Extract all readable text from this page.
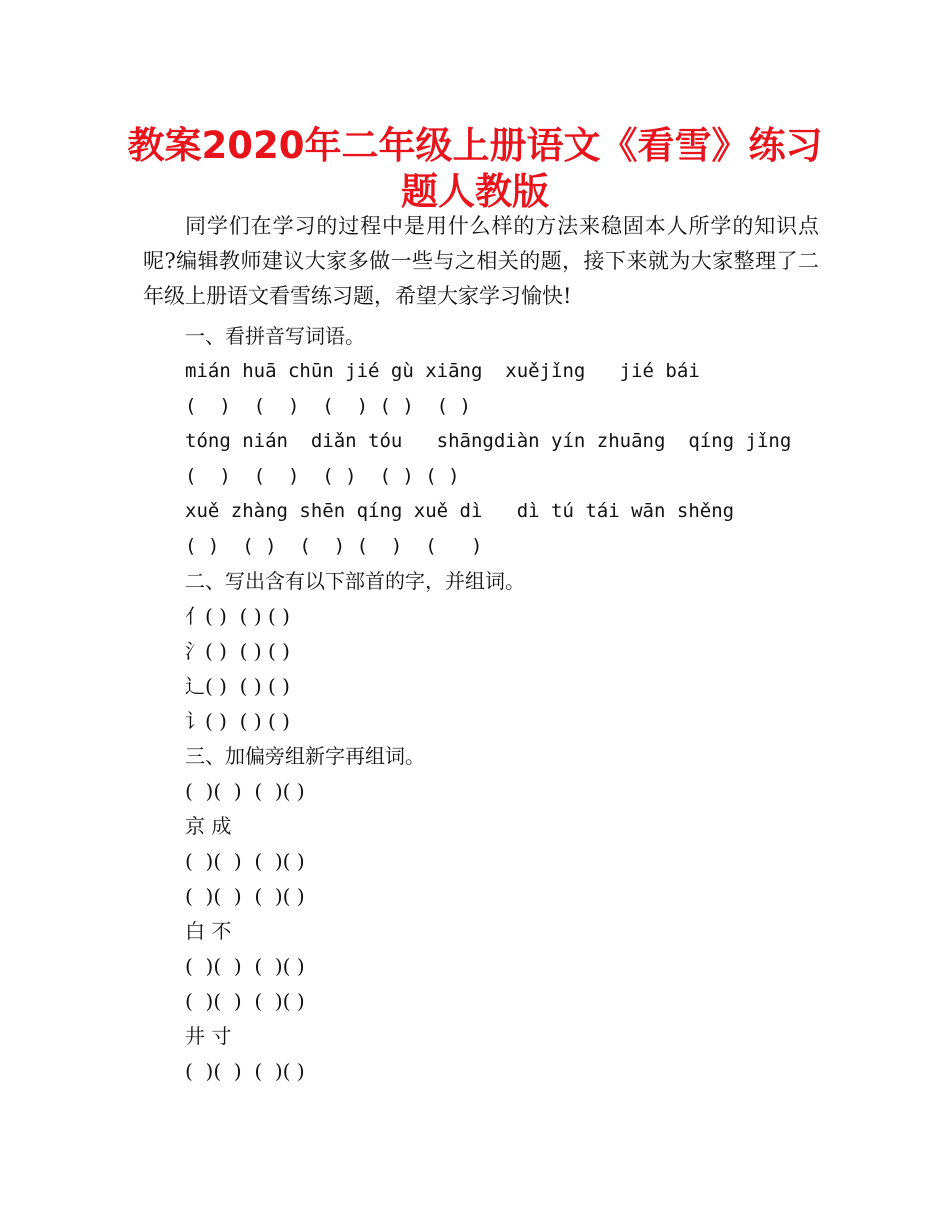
教案2020年二年级上册语文《看雪》练习
题人教版

同学们在学习的过程中是用什么样的方法来稳固本人所学的知识点呢?编辑教师建议大家多做一些与之相关的题，接下来就为大家整理了二年级上册语文看雪练习题，希望大家学习愉快!

一、看拼音写词语。

mián huā chūn jié gù xiāng  xuějǐng   jié bái

(  )  (  )  (  ) ( )  ( )

tóng nián  diǎn tóu   shāngdiàn yín zhuāng  qíng jǐng

(  )  (  )  ( )  ( ) ( )

xuě zhàng shēn qíng xuě dì   dì tú tái wān shěng

( )  ( )  (  ) (  )  (   )

二、写出含有以下部首的字，并组词。

亻( )  ( ) ( )

氵( )  ( ) ( )

辶( )  ( ) ( )

讠( )  ( ) ( )

三、加偏旁组新字再组词。

(  )(  )  (  )( )

京 成

(  )(  )  (  )( )

(  )(  )  (  )( )

白 不

(  )(  )  (  )( )

(  )(  )  (  )( )

井 寸

(  )(  )  (  )( )
